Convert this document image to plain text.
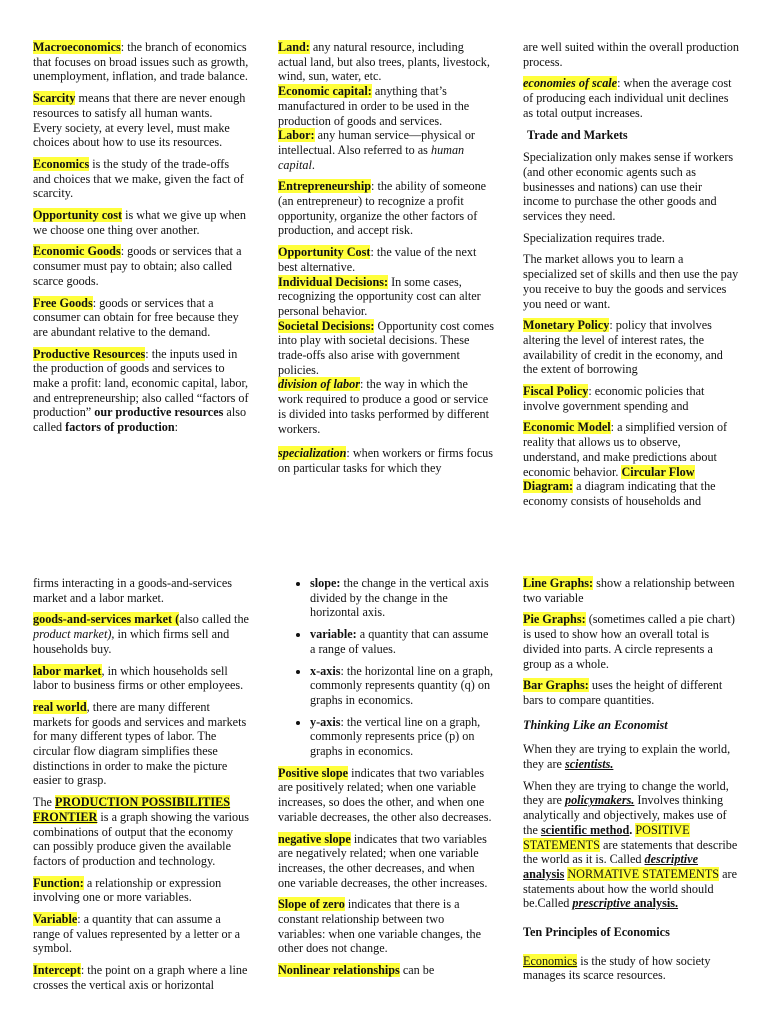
Macroeconomics: the branch of economics that focuses on broad issues such as growth, unemployment, inflation, and trade balance.

Scarcity means that there are never enough resources to satisfy all human wants.

Every society, at every level, must make choices about how to use its resources.

Economics is the study of the trade-offs and choices that we make, given the fact of scarcity.

Opportunity cost is what we give up when we choose one thing over another.

Economic Goods: goods or services that a consumer must pay to obtain; also called scarce goods.

Free Goods: goods or services that a consumer can obtain for free because they are abundant relative to the demand.

Productive Resources: the inputs used in the production of goods and services to make a profit: land, economic capital, labor, and entrepreneurship; also called “factors of production” our productive resources also called factors of production:

Land: any natural resource, including actual land, but also trees, plants, livestock, wind, sun, water, etc.

Economic capital: anything that’s manufactured in order to be used in the production of goods and services.

Labor: any human service—physical or intellectual. Also referred to as human capital.

Entrepreneurship: the ability of someone (an entrepreneur) to recognize a profit opportunity, organize the other factors of production, and accept risk.

Opportunity Cost: the value of the next best alternative.

Individual Decisions: In some cases, recognizing the opportunity cost can alter personal behavior.

Societal Decisions: Opportunity cost comes into play with societal decisions. These trade-offs also arise with government policies.

division of labor: the way in which the work required to produce a good or service is divided into tasks performed by different workers.

specialization: when workers or firms focus on particular tasks for which they

are well suited within the overall production process.

economies of scale: when the average cost of producing each individual unit declines as total output increases.

Trade and Markets

Specialization only makes sense if workers (and other economic agents such as businesses and nations) can use their income to purchase the other goods and services they need.

Specialization requires trade.

The market allows you to learn a specialized set of skills and then use the pay you receive to buy the goods and services you need or want.

Monetary Policy: policy that involves altering the level of interest rates, the availability of credit in the economy, and the extent of borrowing

Fiscal Policy: economic policies that involve government spending and

Economic Model: a simplified version of reality that allows us to observe, understand, and make predictions about economic behavior. Circular Flow Diagram: a diagram indicating that the economy consists of households and

firms interacting in a goods-and-services market and a labor market.

goods-and-services market (also called the product market), in which firms sell and households buy.

labor market, in which households sell labor to business firms or other employees.

real world, there are many different markets for goods and services and markets for many different types of labor. The circular flow diagram simplifies these distinctions in order to make the picture easier to grasp.

The PRODUCTION POSSIBILITIES FRONTIER is a graph showing the various combinations of output that the economy can possibly produce given the available factors of production and technology.

Function: a relationship or expression involving one or more variables.

Variable: a quantity that can assume a range of values represented by a letter or a symbol.

Intercept: the point on a graph where a line crosses the vertical axis or horizontal

• slope: the change in the vertical axis divided by the change in the horizontal axis.
• variable: a quantity that can assume a range of values.
• x-axis: the horizontal line on a graph, commonly represents quantity (q) on graphs in economics.
• y-axis: the vertical line on a graph, commonly represents price (p) on graphs in economics.

Positive slope indicates that two variables are positively related; when one variable increases, so does the other, and when one variable decreases, the other also decreases.

negative slope indicates that two variables are negatively related; when one variable increases, the other decreases, and when one variable decreases, the other increases.

Slope of zero indicates that there is a constant relationship between two variables: when one variable changes, the other does not change.

Nonlinear relationships can be

Line Graphs: show a relationship between two variable

Pie Graphs: (sometimes called a pie chart) is used to show how an overall total is divided into parts. A circle represents a group as a whole.

Bar Graphs: uses the height of different bars to compare quantities.

Thinking Like an Economist

When they are trying to explain the world, they are scientists.

When they are trying to change the world, they are policymakers. Involves thinking analytically and objectively, makes use of the scientific method. POSITIVE STATEMENTS are statements that describe the world as it is. Called descriptive analysis NORMATIVE STATEMENTS are statements about how the world should be.Called prescriptive analysis.

Ten Principles of Economics

Economics is the study of how society manages its scarce resources.
